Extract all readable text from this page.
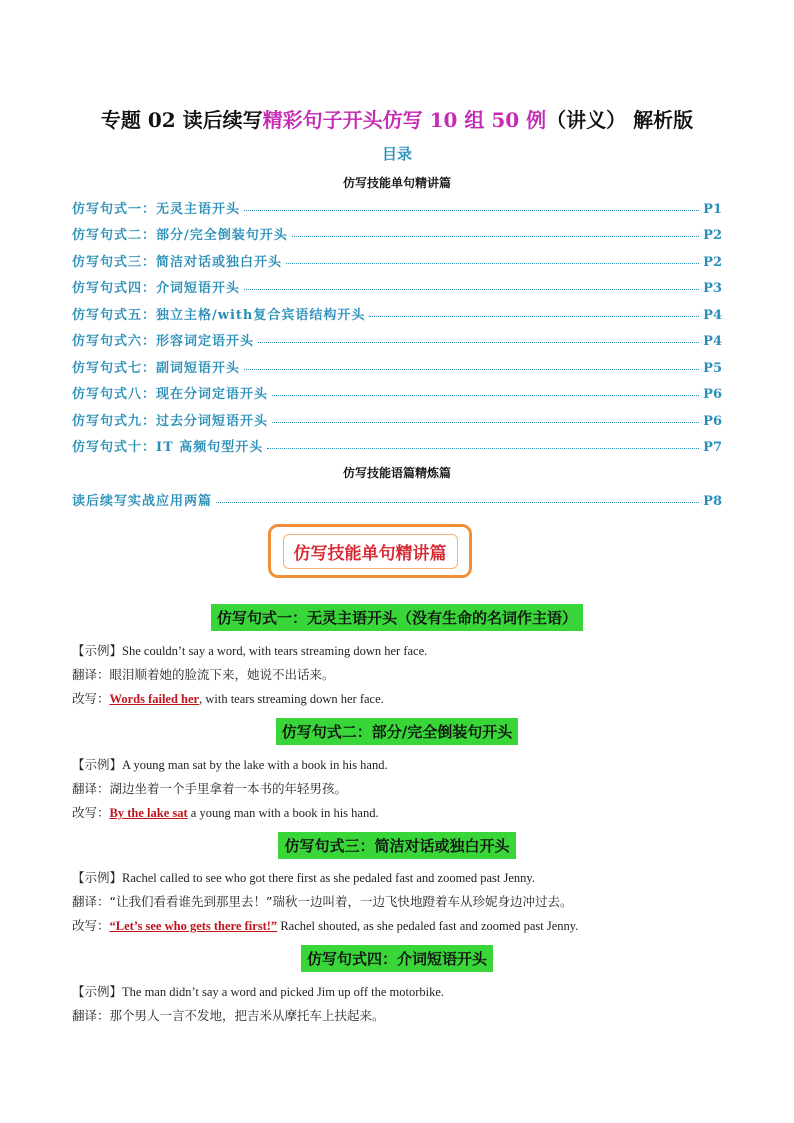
专题 02 读后续写精彩句子开头仿写 10 组 50 例（讲义） 解析版
目录
仿写技能单句精讲篇
仿写句式一：无灵主语开头	P1
仿写句式二：部分/完全倒装句开头	P2
仿写句式三：简洁对话或独白开头	P2
仿写句式四：介词短语开头	P3
仿写句式五：独立主格/with复合宾语结构开头	P4
仿写句式六：形容词定语开头	P4
仿写句式七：副词短语开头	P5
仿写句式八：现在分词定语开头	P6
仿写句式九：过去分词短语开头	P6
仿写句式十：IT 高频句型开头	P7
仿写技能语篇精炼篇
读后续写实战应用两篇	P8
仿写技能单句精讲篇
仿写句式一：无灵主语开头（没有生命的名词作主语）
【示例】She couldn’t say a word, with tears streaming down her face.
翻译：眼泪顺着她的脸流下来，她说不出话来。
改写：Words failed her, with tears streaming down her face.
仿写句式二：部分/完全倒装句开头
【示例】A young man sat by the lake with a book in his hand.
翻译：湖边坐着一个手里拿着一本书的年轻男孩。
改写：By the lake sat a young man with a book in his hand.
仿写句式三：简洁对话或独白开头
【示例】Rachel called to see who got there first as she pedaled fast and zoomed past Jenny.
翻译：“让我们看看谁先到那里去！”瑞秋一边叫着，一边飞快地蹬着车从珍妮身边冲过去。
改写：“Let’s see who gets there first!” Rachel shouted, as she pedaled fast and zoomed past Jenny.
仿写句式四：介词短语开头
【示例】The man didn’t say a word and picked Jim up off the motorbike.
翻译：那个男人一言不发地，把吉米从摩托车上扶起来。
